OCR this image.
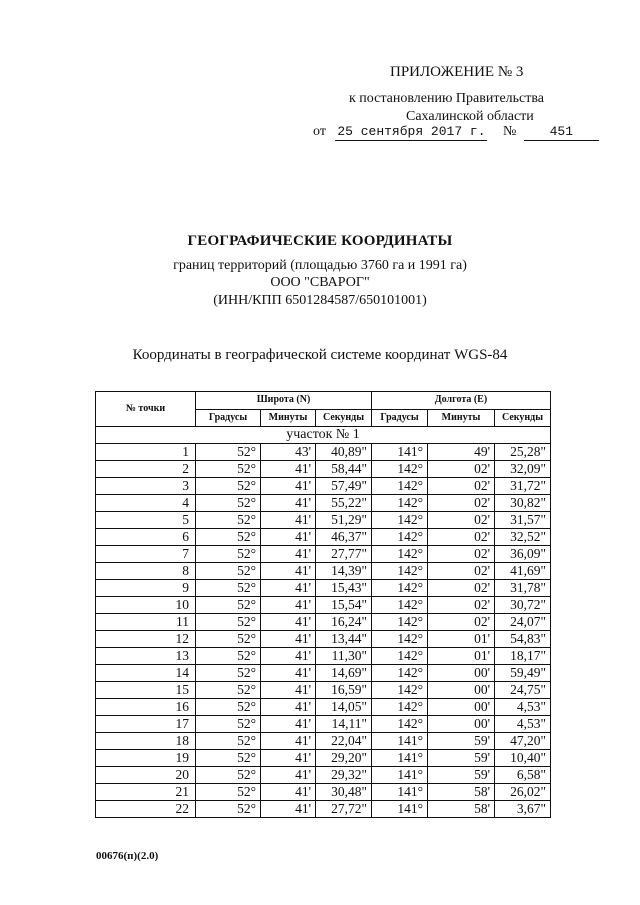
ПРИЛОЖЕНИЕ № 3
к постановлению Правительства
Сахалинской области
от 25 сентября 2017 г. №	451
ГЕОГРАФИЧЕСКИЕ КООРДИНАТЫ
границ территорий (площадью 3760 га и 1991 га)
ООО "СВАРОГ"
(ИНН/КПП 6501284587/650101001)
Координаты в географической системе координат WGS-84
№ точки	Широта (N)			Долгота (E)		
	Градусы	Минуты	Секунды	Градусы	Минуты	Секунды
участок № 1						
1	52°	43'	40,89"	141°	49'	25,28"
2	52°	41'	58,44"	142°	02'	32,09"
3	52°	41'	57,49"	142°	02'	31,72"
4	52°	41'	55,22"	142°	02'	30,82"
5	52°	41'	51,29"	142°	02'	31,57"
6	52°	41'	46,37"	142°	02'	32,52"
7	52°	41'	27,77"	142°	02'	36,09"
8	52°	41'	14,39"	142°	02'	41,69"
9	52°	41'	15,43"	142°	02'	31,78"
10	52°	41'	15,54"	142°	02'	30,72"
11	52°	41'	16,24"	142°	02'	24,07"
12	52°	41'	13,44"	142°	01'	54,83"
13	52°	41'	11,30"	142°	01'	18,17"
14	52°	41'	14,69"	142°	00'	59,49"
15	52°	41'	16,59"	142°	00'	24,75"
16	52°	41'	14,05"	142°	00'	4,53"
17	52°	41'	14,11"	142°	00'	4,53"
18	52°	41'	22,04"	141°	59'	47,20"
19	52°	41'	29,20"	141°	59'	10,40"
20	52°	41'	29,32"	141°	59'	6,58"
21	52°	41'	30,48"	141°	58'	26,02"
22	52°	41'	27,72"	141°	58'	3,67"
00676(п)(2.0)
